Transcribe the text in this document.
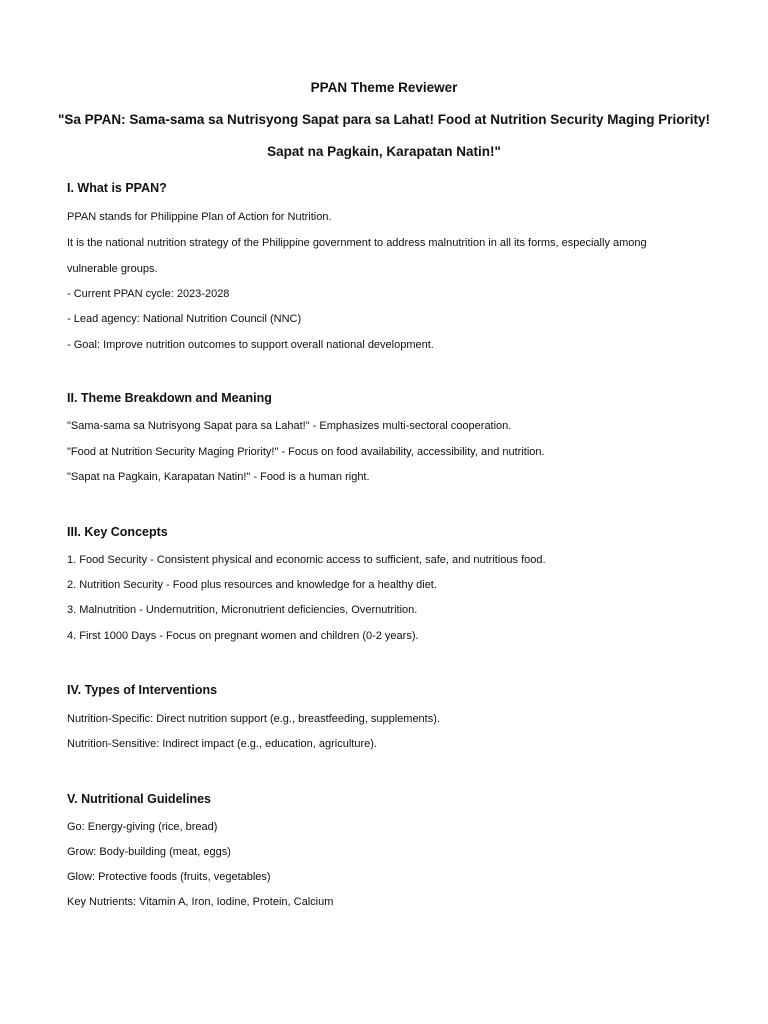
PPAN Theme Reviewer
"Sa PPAN: Sama-sama sa Nutrisyong Sapat para sa Lahat! Food at Nutrition Security Maging Priority! Sapat na Pagkain, Karapatan Natin!"
I. What is PPAN?

PPAN stands for Philippine Plan of Action for Nutrition.

It is the national nutrition strategy of the Philippine government to address malnutrition in all its forms, especially among

vulnerable groups.

- Current PPAN cycle: 2023-2028

- Lead agency: National Nutrition Council (NNC)

- Goal: Improve nutrition outcomes to support overall national development.

II. Theme Breakdown and Meaning

"Sama-sama sa Nutrisyong Sapat para sa Lahat!" - Emphasizes multi-sectoral cooperation.

"Food at Nutrition Security Maging Priority!" - Focus on food availability, accessibility, and nutrition.

"Sapat na Pagkain, Karapatan Natin!" - Food is a human right.

III. Key Concepts

1. Food Security - Consistent physical and economic access to sufficient, safe, and nutritious food.

2. Nutrition Security - Food plus resources and knowledge for a healthy diet.

3. Malnutrition - Undernutrition, Micronutrient deficiencies, Overnutrition.

4. First 1000 Days - Focus on pregnant women and children (0-2 years).

IV. Types of Interventions

Nutrition-Specific: Direct nutrition support (e.g., breastfeeding, supplements).

Nutrition-Sensitive: Indirect impact (e.g., education, agriculture).

V. Nutritional Guidelines

Go: Energy-giving (rice, bread)

Grow: Body-building (meat, eggs)

Glow: Protective foods (fruits, vegetables)

Key Nutrients: Vitamin A, Iron, Iodine, Protein, Calcium
